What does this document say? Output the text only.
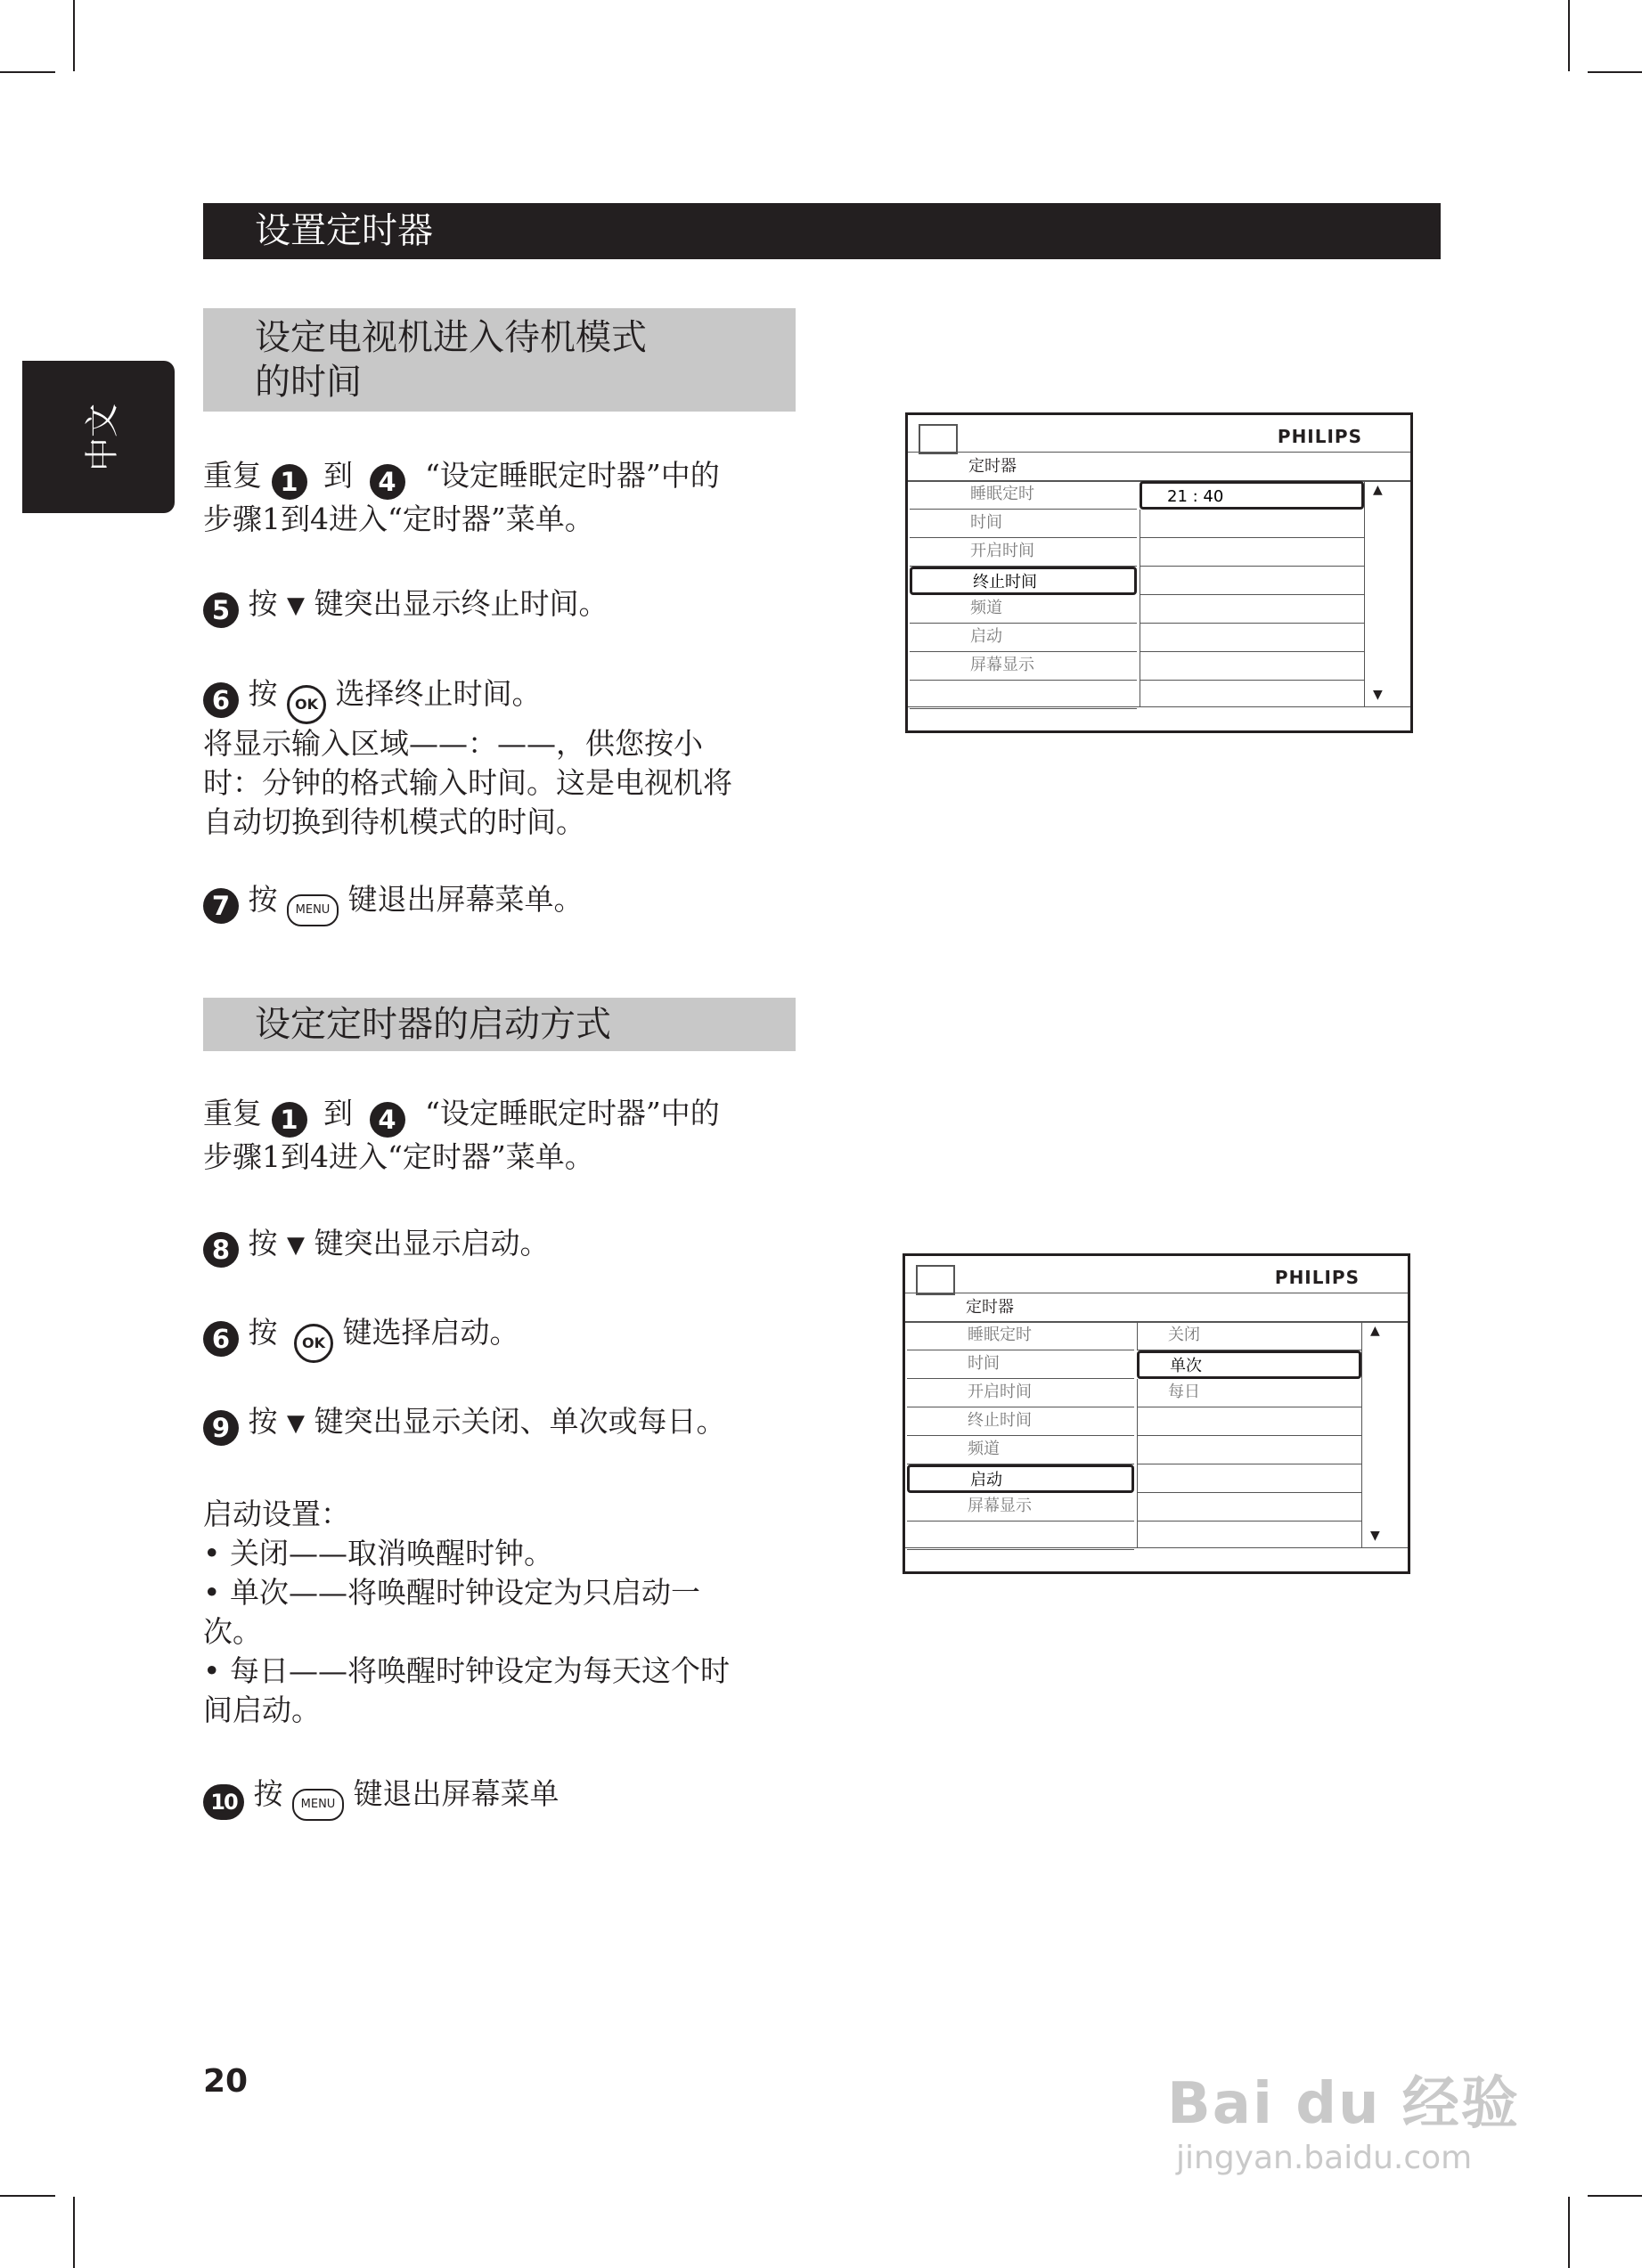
设置定时器
中文
设定电视机进入待机模式
的时间
重复 1 到 4 “设定睡眠定时器”中的
步骤1到4进入“定时器”菜单。
5 按 ▼ 键突出显示终止时间。
6 按 OK 选择终止时间。
将显示输入区域——：——，供您按小
时：分钟的格式输入时间。这是电视机将
自动切换到待机模式的时间。
7 按 MENU 键退出屏幕菜单。
设定定时器的启动方式
重复 1 到 4 “设定睡眠定时器”中的
步骤1到4进入“定时器”菜单。
8 按 ▼ 键突出显示启动。
6 按 OK 键选择启动。
9 按 ▼ 键突出显示关闭、单次或每日。
启动设置：
• 关闭——取消唤醒时钟。
• 单次——将唤醒时钟设定为只启动一
次。
• 每日——将唤醒时钟设定为每天这个时
间启动。
10 按 MENU 键退出屏幕菜单
PHILIPS
定时器
睡眠定时
时间
开启时间
终止时间
频道
启动
屏幕显示
21 : 40	▲
▼
PHILIPS
定时器
睡眠定时
时间
开启时间
终止时间
频道
启动
屏幕显示
关闭
单次
每日
▲
▼
20	Bai du 经验
jingyan.baidu.com
